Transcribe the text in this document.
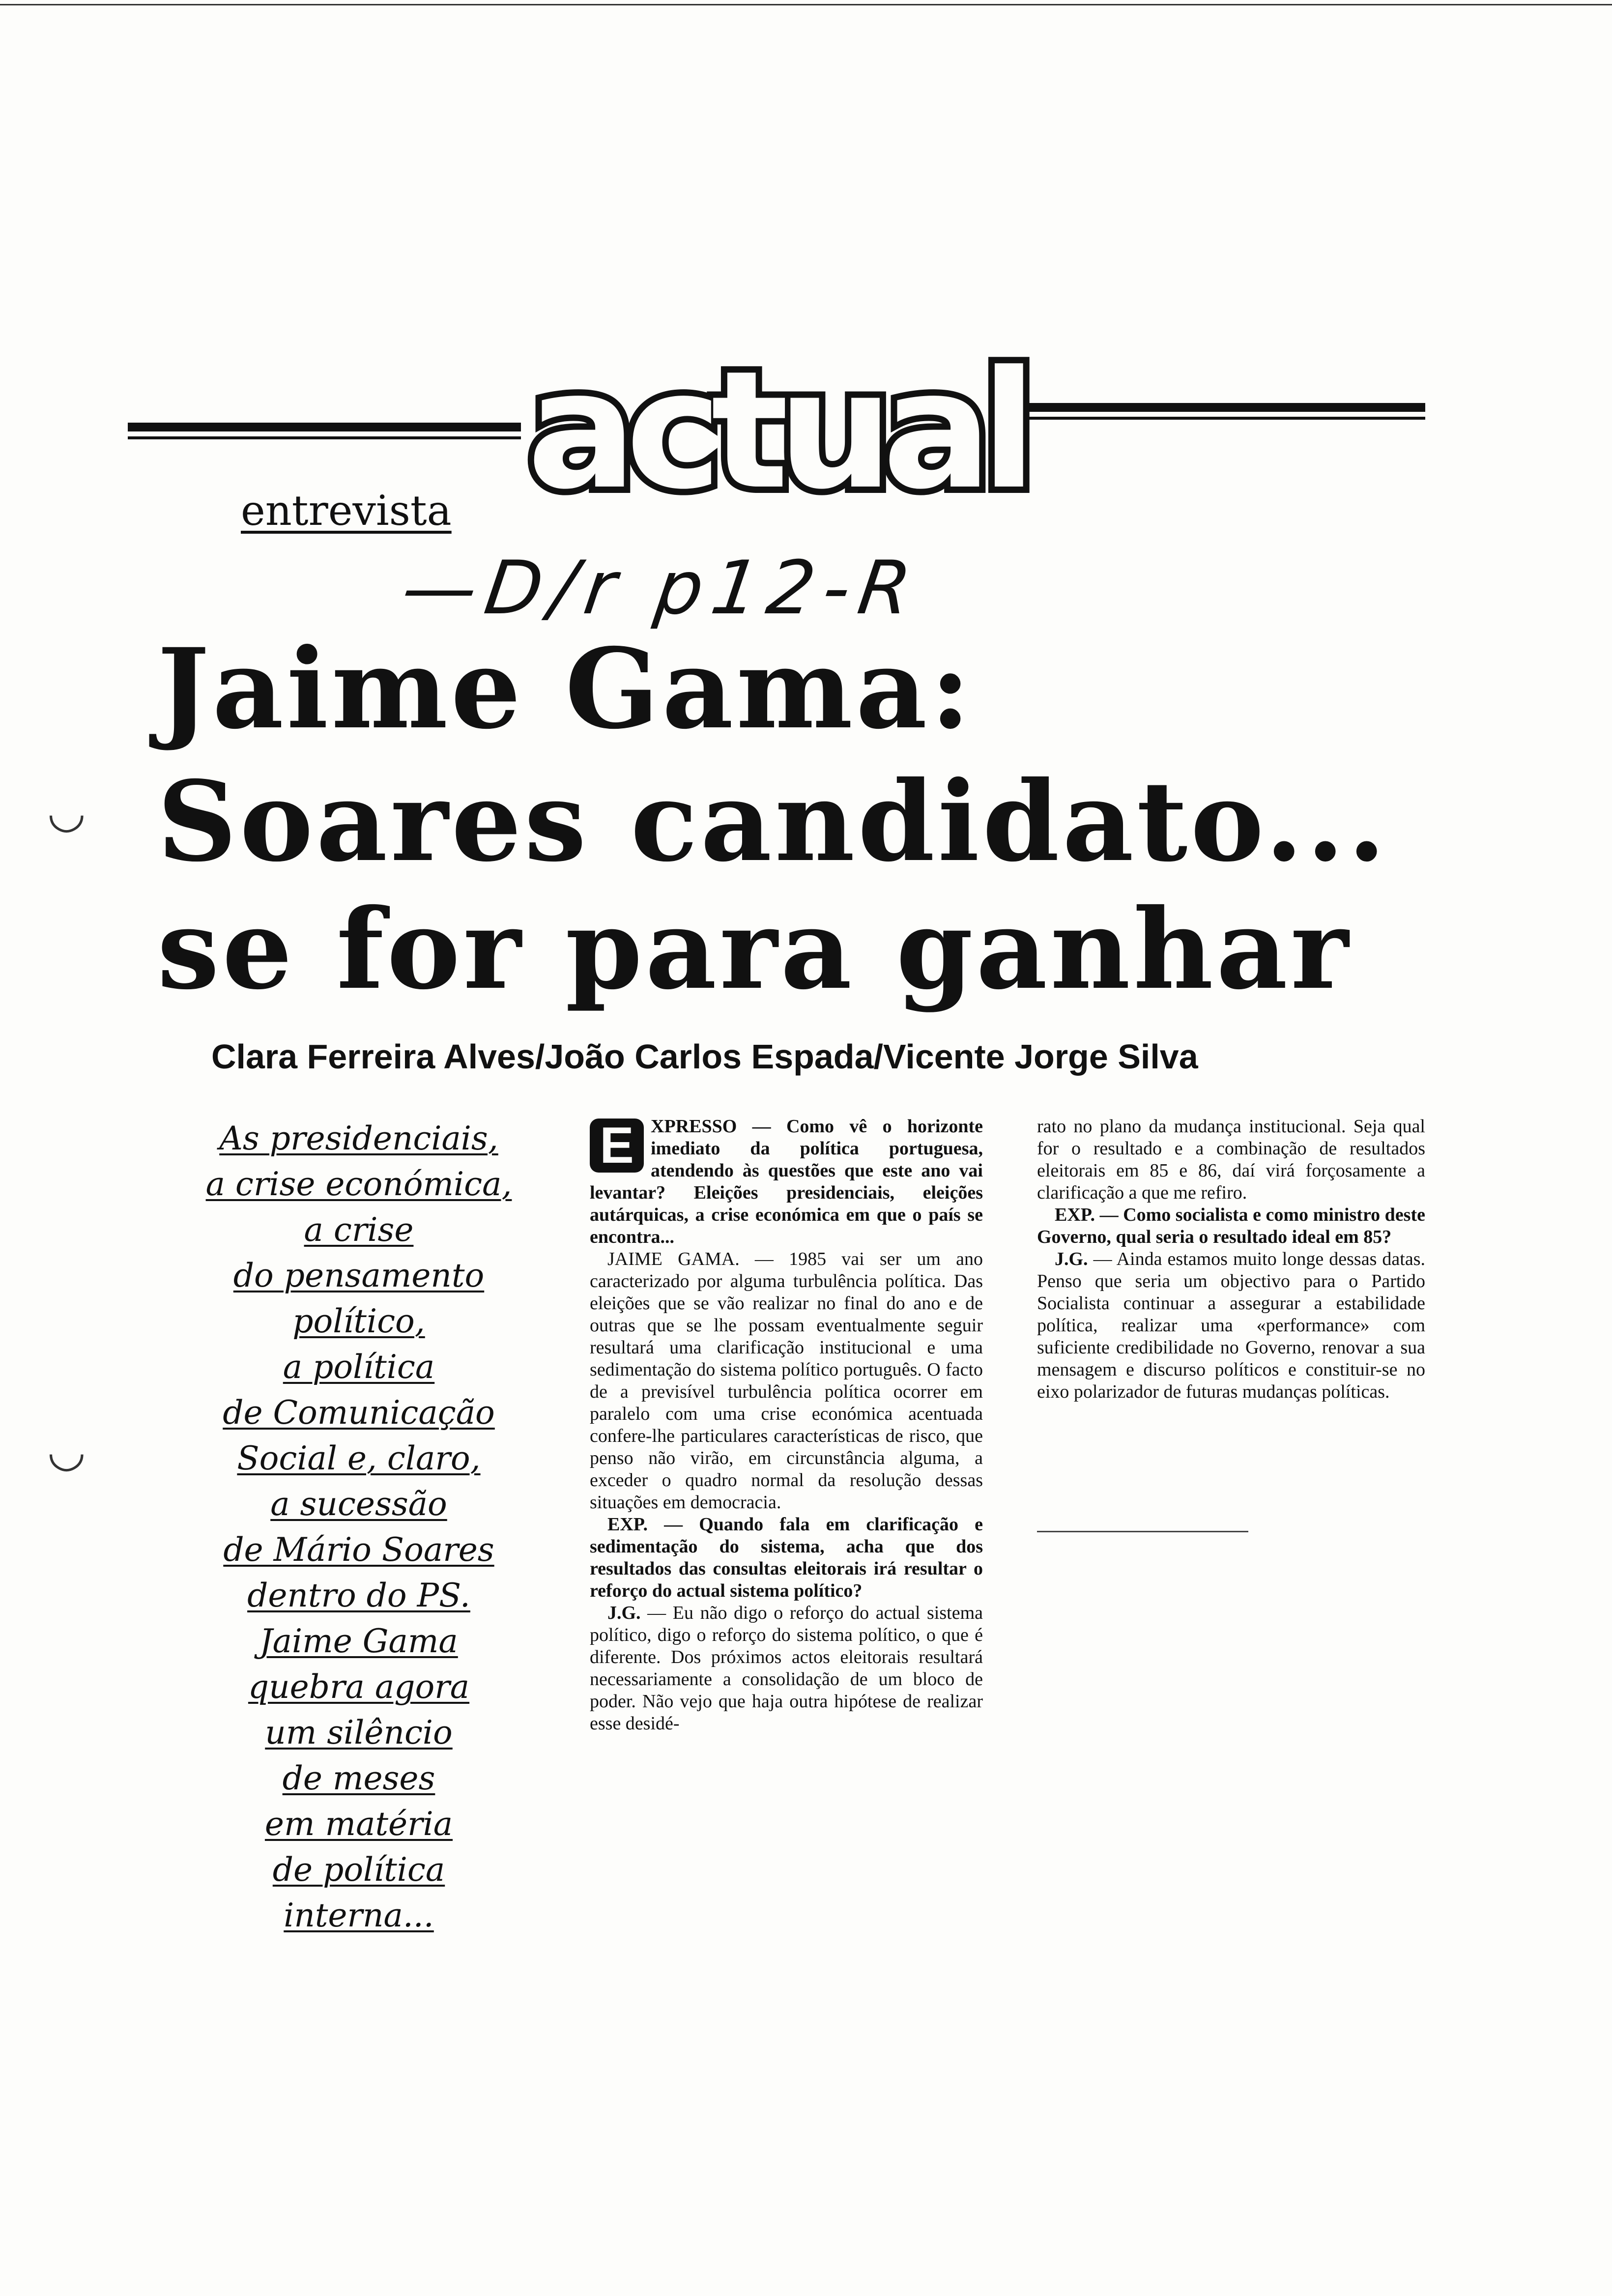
actual
entrevista
—D/r p12-R
Jaime Gama:
Soares candidato...
se for para ganhar
Clara Ferreira Alves/João Carlos Espada/Vicente Jorge Silva
As presidenciais,
a crise económica,
a crise
do pensamento
político,
a política
de Comunicação
Social e, claro,
a sucessão
de Mário Soares
dentro do PS.
Jaime Gama
quebra agora
um silêncio
de meses
em matéria
de política
interna...
E XPRESSO — Como vê o horizonte imediato da política portuguesa, atendendo às questões que este ano vai levantar? Eleições presidenciais, eleições autárquicas, a crise económica em que o país se encontra...

JAIME GAMA. — 1985 vai ser um ano caracterizado por alguma turbulência política. Das eleições que se vão realizar no final do ano e de outras que se lhe possam eventualmente seguir resultará uma clarificação institucional e uma sedimentação do sistema político português. O facto de a previsível turbulência política ocorrer em paralelo com uma crise económica acentuada confere-lhe particulares características de risco, que penso não virão, em circunstância alguma, a exceder o quadro normal da resolução dessas situações em democracia.

EXP. — Quando fala em clarificação e sedimentação do sistema, acha que dos resultados das consultas eleitorais irá resultar o reforço do actual sistema político?

J.G. — Eu não digo o reforço do actual sistema político, digo o reforço do sistema político, o que é diferente. Dos próximos actos eleitorais resultará necessariamente a consolidação de um bloco de poder. Não vejo que haja outra hipótese de realizar esse desidé-

rato no plano da mudança institucional. Seja qual for o resultado e a combinação de resultados eleitorais em 85 e 86, daí virá forçosamente a clarificação a que me refiro.

EXP. — Como socialista e como ministro deste Governo, qual seria o resultado ideal em 85?

J.G. — Ainda estamos muito longe dessas datas. Penso que seria um objectivo para o Partido Socialista continuar a assegurar a estabilidade política, realizar uma «performance» com suficiente credibilidade no Governo, renovar a sua mensagem e discurso políticos e constituir-se no eixo polarizador de futuras mudanças políticas.

◡
◡
